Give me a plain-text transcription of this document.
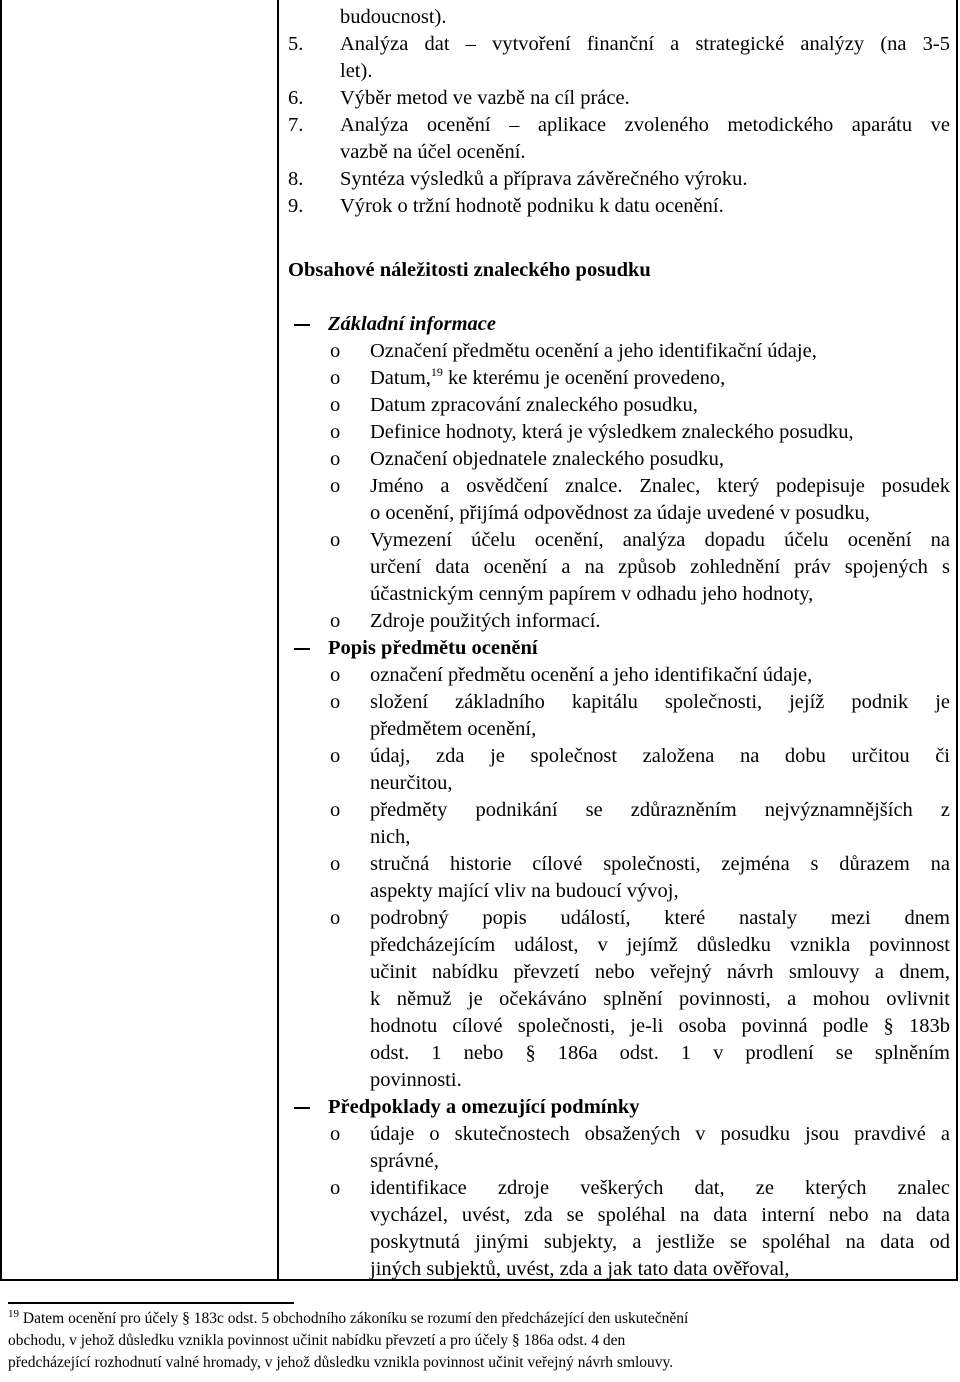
budoucnost).
5.	Analýza dat – vytvoření finanční a strategické analýzy (na 3-5
let).
6.	Výběr metod ve vazbě na cíl práce.
7.	Analýza ocenění – aplikace zvoleného metodického aparátu ve
vazbě na účel ocenění.
8.	Syntéza výsledků a příprava závěrečného výroku.
9.	Výrok o tržní hodnotě podniku k datu ocenění.
Obsahové náležitosti znaleckého posudku
Základní informace
o	Označení předmětu ocenění a jeho identifikační údaje,
o	Datum,$^{19}$ ke kterému je ocenění provedeno,
o	Datum zpracování znaleckého posudku,
o	Definice hodnoty, která je výsledkem znaleckého posudku,
o	Označení objednatele znaleckého posudku,
o	Jméno a osvědčení znalce. Znalec, který podepisuje posudek
o ocenění, přijímá odpovědnost za údaje uvedené v posudku,
o	Vymezení účelu ocenění, analýza dopadu účelu ocenění na
určení data ocenění a na způsob zohlednění práv spojených s
účastnickým cenným papírem v odhadu jeho hodnoty,
o	Zdroje použitých informací.
Popis předmětu ocenění
o	označení předmětu ocenění a jeho identifikační údaje,
o	složení základního kapitálu společnosti, jejíž podnik je
předmětem ocenění,
o	údaj, zda je společnost založena na dobu určitou či
neurčitou,
o	předměty podnikání se zdůrazněním nejvýznamnějších z
nich,
o	stručná historie cílové společnosti, zejména s důrazem na
aspekty mající vliv na budoucí vývoj,
o	podrobný popis událostí, které nastaly mezi dnem
předcházejícím událost, v jejímž důsledku vznikla povinnost
učinit nabídku převzetí nebo veřejný návrh smlouvy a dnem,
k němuž je očekáváno splnění povinnosti, a mohou ovlivnit
hodnotu cílové společnosti, je-li osoba povinná podle § 183b
odst. 1 nebo § 186a odst. 1 v prodlení se splněním
povinnosti.
Předpoklady a omezující podmínky
o	údaje o skutečnostech obsažených v posudku jsou pravdivé a
správné,
o	identifikace zdroje veškerých dat, ze kterých znalec
vycházel, uvést, zda se spoléhal na data interní nebo na data
poskytnutá jinými subjekty, a jestliže se spoléhal na data od
jiných subjektů, uvést, zda a jak tato data ověřoval,
$^{19}$ Datem ocenění pro účely § 183c odst. 5 obchodního zákoníku se rozumí den předcházející den uskutečnění
obchodu, v jehož důsledku vznikla povinnost učinit nabídku převzetí a pro účely § 186a odst. 4 den
předcházející rozhodnutí valné hromady, v jehož důsledku vznikla povinnost učinit veřejný návrh smlouvy.
